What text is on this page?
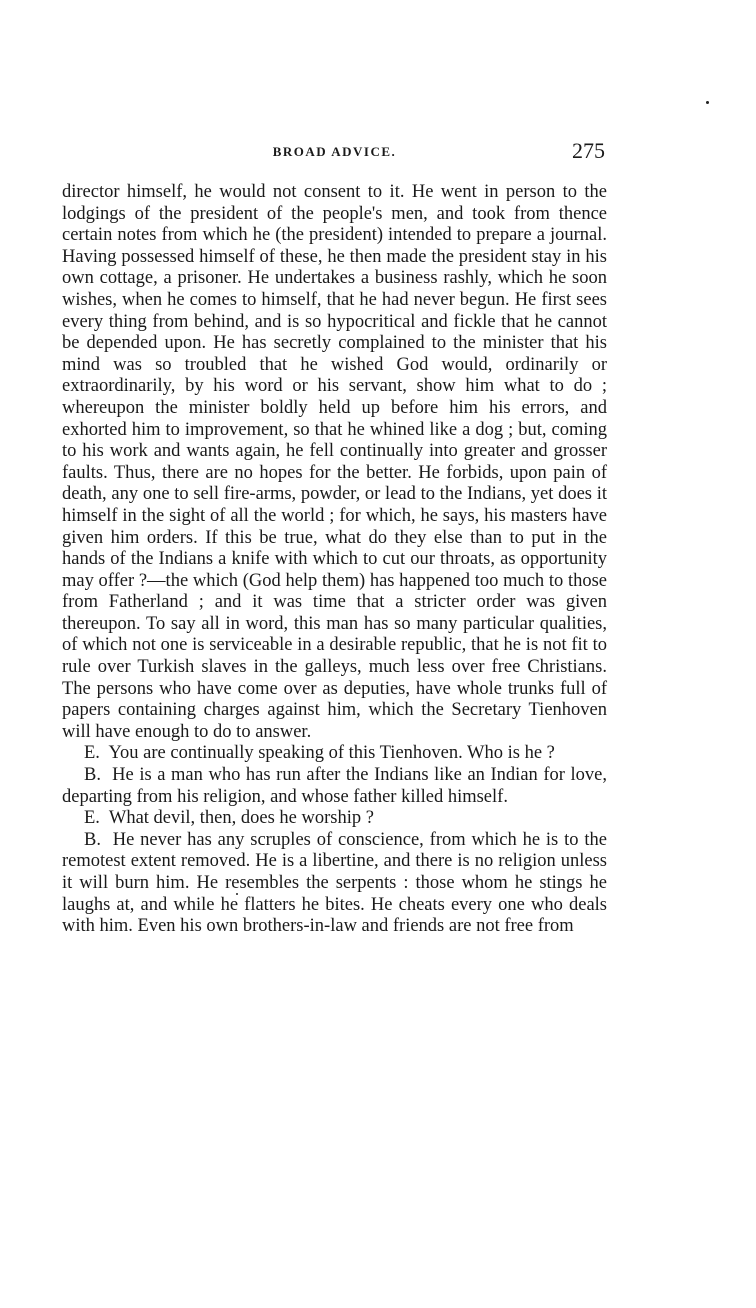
BROAD ADVICE.	275

director himself, he would not consent to it. He went in person to the lodgings of the president of the people's men, and took from thence certain notes from which he (the president) intended to prepare a journal. Having possessed himself of these, he then made the president stay in his own cottage, a prisoner. He undertakes a business rashly, which he soon wishes, when he comes to himself, that he had never begun. He first sees every thing from behind, and is so hypocritical and fickle that he cannot be depended upon. He has secretly complained to the minister that his mind was so troubled that he wished God would, ordinarily or extraordinarily, by his word or his servant, show him what to do ; whereupon the minister boldly held up before him his errors, and exhorted him to improvement, so that he whined like a dog ; but, coming to his work and wants again, he fell continually into greater and grosser faults. Thus, there are no hopes for the better. He forbids, upon pain of death, any one to sell fire-arms, powder, or lead to the Indians, yet does it himself in the sight of all the world ; for which, he says, his masters have given him orders. If this be true, what do they else than to put in the hands of the Indians a knife with which to cut our throats, as opportunity may offer ?—the which (God help them) has happened too much to those from Fatherland ; and it was time that a stricter order was given thereupon. To say all in word, this man has so many particular qualities, of which not one is serviceable in a desirable republic, that he is not fit to rule over Turkish slaves in the galleys, much less over free Christians. The persons who have come over as deputies, have whole trunks full of papers containing charges against him, which the Secretary Tienhoven will have enough to do to answer.

E. You are continually speaking of this Tienhoven. Who is he ?

B. He is a man who has run after the Indians like an Indian for love, departing from his religion, and whose father killed himself.

E. What devil, then, does he worship ?

B. He never has any scruples of conscience, from which he is to the remotest extent removed. He is a libertine, and there is no religion unless it will burn him. He resembles the serpents : those whom he stings he laughs at, and while he flatters he bites. He cheats every one who deals with him. Even his own brothers-in-law and friends are not free from
